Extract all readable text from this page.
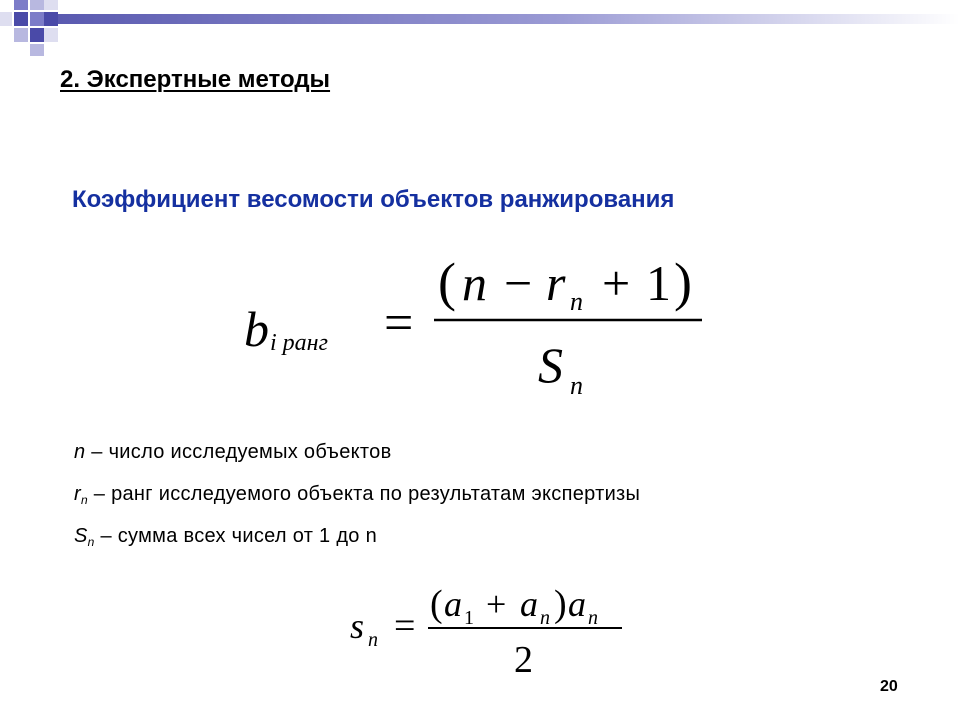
2. Экспертные методы
Коэффициент весомости объектов ранжирования
b i ранг =
( n − r n + 1 )
S n
n – число исследуемых объектов
$r_n$ – ранг исследуемого объекта по результатам экспертизы
$S_n$ – сумма всех чисел от 1 до n
s n =
( a 1 + a n ) a n
2
20
